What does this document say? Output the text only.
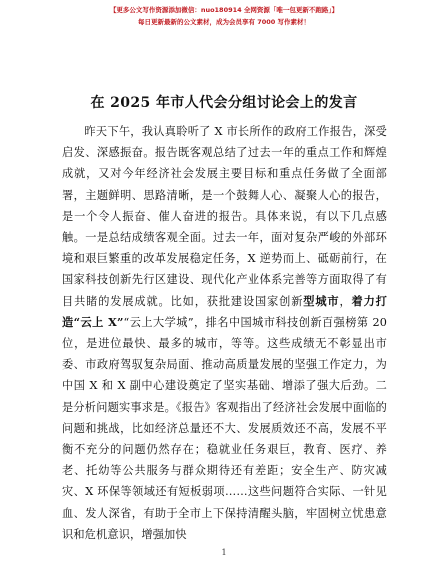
【更多公文写作资源添加微信：nuo180914 全网资源「唯一包更新不跑路」】
每日更新最新的公文素材，成为会员享有 7000 写作素材！
在 2025 年市人代会分组讨论会上的发言

昨天下午，我认真聆听了 X 市长所作的政府工作报告，深受启发、深感振奋。报告既客观总结了过去一年的重点工作和辉煌成就，又对今年经济社会发展主要目标和重点任务做了全面部署，主题鲜明、思路清晰，是一个鼓舞人心、凝聚人心的报告，是一个令人振奋、催人奋进的报告。具体来说，有以下几点感触。一是总结成绩客观全面。过去一年，面对复杂严峻的外部环境和艰巨繁重的改革发展稳定任务，X 逆势而上、砥砺前行，在国家科技创新先行区建设、现代化产业体系完善等方面取得了有目共睹的发展成就。比如，获批建设国家创新型城市，着力打造“云上 X”“云上大学城”，排名中国城市科技创新百强榜第 20 位，是进位最快、最多的城市，等等。这些成绩无不彰显出市委、市政府驾驭复杂局面、推动高质量发展的坚强工作定力，为中国 X 和 X 副中心建设奠定了坚实基础、增添了强大后劲。二是分析问题实事求是。《报告》客观指出了经济社会发展中面临的问题和挑战，比如经济总量还不大、发展质效还不高，发展不平衡不充分的问题仍然存在；稳就业任务艰巨，教育、医疗、养老、托幼等公共服务与群众期待还有差距；安全生产、防灾减灾、X 环保等领域还有短板弱项……这些问题符合实际、一针见血、发人深省，有助于全市上下保持清醒头脑，牢固树立忧患意识和危机意识，增强加快

1
